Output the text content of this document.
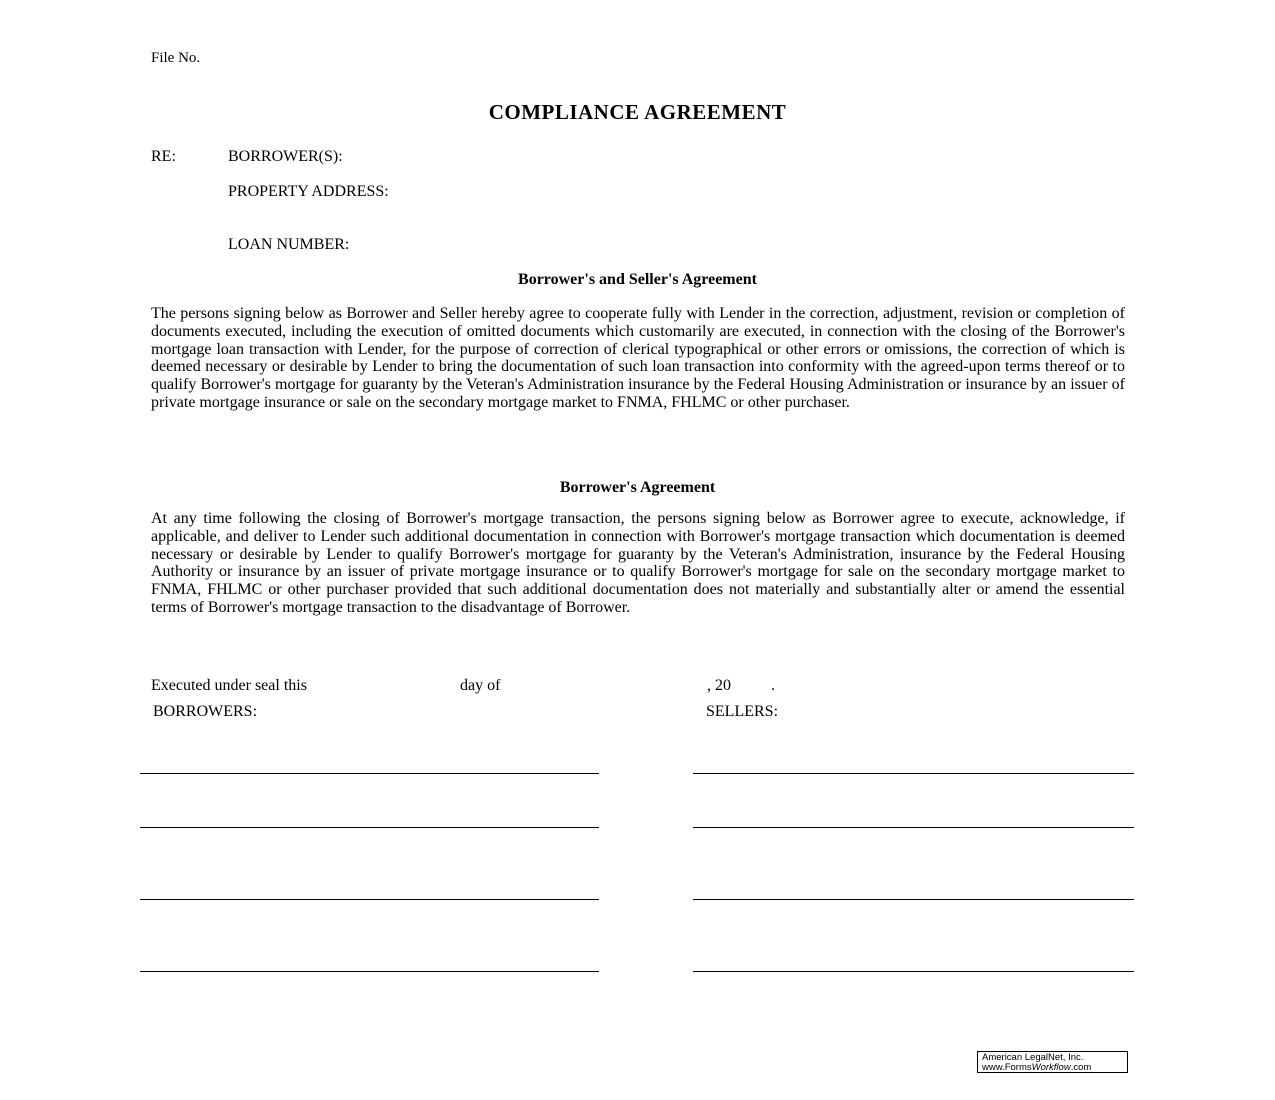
File No.
COMPLIANCE AGREEMENT
RE:	BORROWER(S):
PROPERTY ADDRESS:
LOAN NUMBER:
Borrower's and Seller's Agreement
The persons signing below as Borrower and Seller hereby agree to cooperate fully with Lender in the correction, adjustment, revision or completion of documents executed, including the execution of omitted documents which customarily are executed, in connection with the closing of the Borrower's mortgage loan transaction with Lender, for the purpose of correction of clerical typographical or other errors or omissions, the correction of which is deemed necessary or desirable by Lender to bring the documentation of such loan transaction into conformity with the agreed-upon terms thereof or to qualify Borrower's mortgage for guaranty by the Veteran's Administration insurance by the Federal Housing Administration or insurance by an issuer of private mortgage insurance or sale on the secondary mortgage market to FNMA, FHLMC or other purchaser.
Borrower's Agreement
At any time following the closing of Borrower's mortgage transaction, the persons signing below as Borrower agree to execute, acknowledge, if applicable, and deliver to Lender such additional documentation in connection with Borrower's mortgage transaction which documentation is deemed necessary or desirable by Lender to qualify Borrower's mortgage for guaranty by the Veteran's Administration, insurance by the Federal Housing Authority or insurance by an issuer of private mortgage insurance or to qualify Borrower's mortgage for sale on the secondary mortgage market to FNMA, FHLMC or other purchaser provided that such additional documentation does not materially and substantially alter or amend the essential terms of Borrower's mortgage transaction to the disadvantage of Borrower.
Executed under seal this	day of	, 20	.
BORROWERS:	SELLERS:
American LegalNet, Inc.
www.FormsWorkflow.com
